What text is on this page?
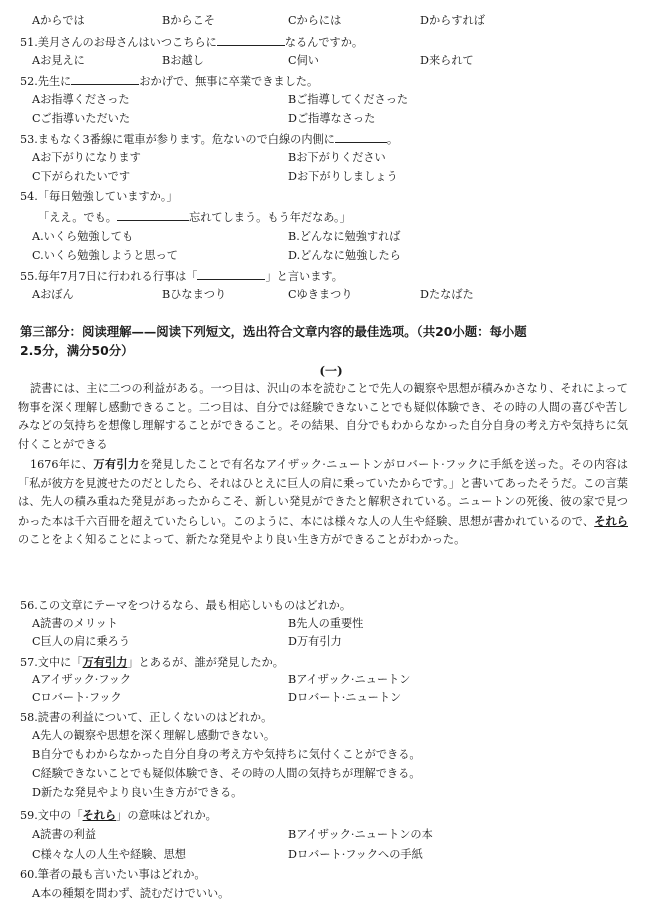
Aからでは	Bからこそ	Cからには	Dからすれば
51.美月さんのお母さんはいつこちらに	なるんですか。
Aお見えに	Bお越し	C伺い	D来られて
52.先生に	おかげで、無事に卒業できました。
Aお指導くださった	Bご指導してくださった
Cご指導いただいた	Dご指導なさった
53.まもなく3番線に電車が参ります。危ないので白線の内側に	。
Aお下がりになります	Bお下がりください
C下がられたいです	Dお下がりしましょう
54.「毎日勉強していますか。」
「ええ。でも。	忘れてしまう。もう年だなあ。」
A.いくら勉強しても	B.どんなに勉強すれば
C.いくら勉強しようと思って	D.どんなに勉強したら
55.毎年7月7日に行われる行事は「	」と言います。
Aおぼん	Bひなまつり	Cゆきまつり	Dたなばた
第三部分：阅读理解——阅读下列短文，选出符合文章内容的最佳选项。（共20小题：每小题
2.5分，满分50分）
(一)
読書には、主に二つの利益がある。一つ目は、沢山の本を読むことで先人の観察や思想が積みかさなり、それによって物事を深く理解し感動できること。二つ目は、自分では経験できないことでも疑似体験でき、その時の人間の喜びや苦しみなどの気持ちを想像し理解することができること。その結果、自分でもわからなかった自分自身の考え方や気持ちに気付くことができる
1676年に、万有引力を発見したことで有名なアイザック·ニュートンがロバート·フックに手紙を送った。その内容は「私が彼方を見渡せたのだとしたら、それはひとえに巨人の肩に乗っていたからです。」と書いてあったそうだ。この言葉は、先人の積み重ねた発見があったからこそ、新しい発見ができたと解釈されている。ニュートンの死後、彼の家で見つかった本は千六百冊を超えていたらしい。このように、本には様々な人の人生や経験、思想が書かれているので、それらのことをよく知ることによって、新たな発見やより良い生き方ができることがわかった。
56.この文章にテーマをつけるなら、最も相応しいものはどれか。
A読書のメリット	B先人の重要性
C巨人の肩に乗ろう	D万有引力
57.文中に「万有引力」とあるが、誰が発見したか。
Aアイザック·フック	Bアイザック·ニュートン
Cロバート·フック	Dロバート·ニュートン
58.読書の利益について、正しくないのはどれか。
A先人の観察や思想を深く理解し感動できない。
B自分でもわからなかった自分自身の考え方や気持ちに気付くことができる。
C経験できないことでも疑似体験でき、その時の人間の気持ちが理解できる。
D新たな発見やより良い生き方ができる。
59.文中の「それら」の意味はどれか。
A読書の利益	Bアイザック·ニュートンの本
C様々な人の人生や経験、思想	Dロバート·フックへの手紙
60.筆者の最も言いたい事はどれか。
A本の種類を問わず、読むだけでいい。
